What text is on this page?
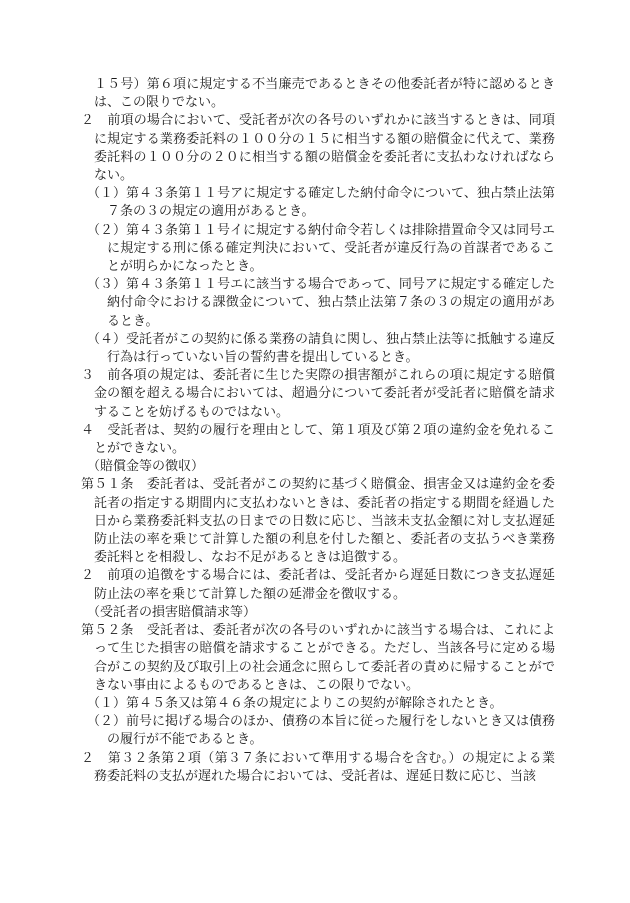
１５号）第６項に規定する不当廉売であるときその他委託者が特に認めるときは、この限りでない。

２　前項の場合において、受託者が次の各号のいずれかに該当するときは、同項に規定する業務委託料の１００分の１５に相当する額の賠償金に代えて、業務委託料の１００分の２０に相当する額の賠償金を委託者に支払わなければならない。

（１）第４３条第１１号アに規定する確定した納付命令について、独占禁止法第７条の３の規定の適用があるとき。

（２）第４３条第１１号イに規定する納付命令若しくは排除措置命令又は同号エに規定する刑に係る確定判決において、受託者が違反行為の首謀者であることが明らかになったとき。

（３）第４３条第１１号エに該当する場合であって、同号アに規定する確定した納付命令における課徴金について、独占禁止法第７条の３の規定の適用があるとき。

（４）受託者がこの契約に係る業務の請負に関し、独占禁止法等に抵触する違反行為は行っていない旨の誓約書を提出しているとき。

３　前各項の規定は、委託者に生じた実際の損害額がこれらの項に規定する賠償金の額を超える場合においては、超過分について委託者が受託者に賠償を請求することを妨げるものではない。

４　受託者は、契約の履行を理由として、第１項及び第２項の違約金を免れることができない。

（賠償金等の徴収）

第５１条　委託者は、受託者がこの契約に基づく賠償金、損害金又は違約金を委託者の指定する期間内に支払わないときは、委託者の指定する期間を経過した日から業務委託料支払の日までの日数に応じ、当該未支払金額に対し支払遅延防止法の率を乗じて計算した額の利息を付した額と、委託者の支払うべき業務委託料とを相殺し、なお不足があるときは追徴する。

２　前項の追徴をする場合には、委託者は、受託者から遅延日数につき支払遅延防止法の率を乗じて計算した額の延滞金を徴収する。

（受託者の損害賠償請求等）

第５２条　受託者は、委託者が次の各号のいずれかに該当する場合は、これによって生じた損害の賠償を請求することができる。ただし、当該各号に定める場合がこの契約及び取引上の社会通念に照らして委託者の責めに帰することができない事由によるものであるときは、この限りでない。

（１）第４５条又は第４６条の規定によりこの契約が解除されたとき。

（２）前号に掲げる場合のほか、債務の本旨に従った履行をしないとき又は債務の履行が不能であるとき。

２　第３２条第２項（第３７条において準用する場合を含む。）の規定による業務委託料の支払が遅れた場合においては、受託者は、遅延日数に応じ、当該
